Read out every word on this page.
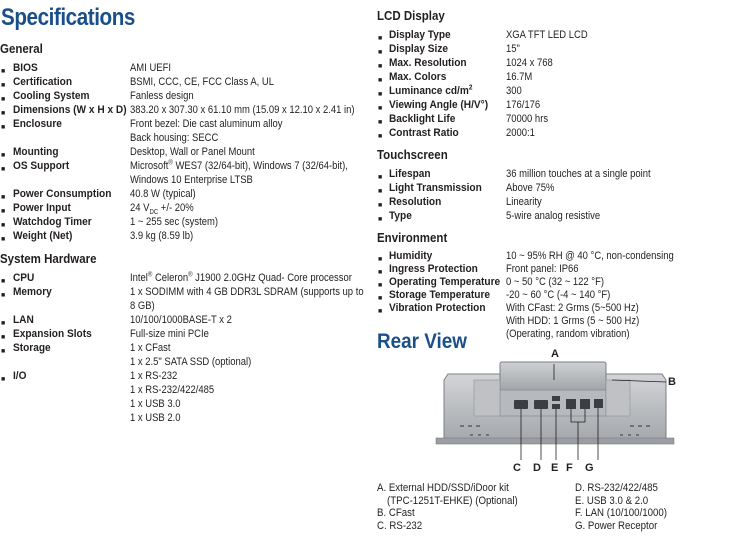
Specifications
General
■ BIOS	AMI UEFI
■ Certification	BSMI, CCC, CE, FCC Class A, UL
■ Cooling System	Fanless design
■ Dimensions (W x H x D) 383.20 x 307.30 x 61.10 mm (15.09 x 12.10 x 2.41 in)
■ Enclosure	Front bezel: Die cast aluminum alloy
Back housing: SECC
■ Mounting	Desktop, Wall or Panel Mount
■ OS Support	Microsoft® WES7 (32/64-bit), Windows 7 (32/64-bit),
Windows 10 Enterprise LTSB
■ Power Consumption 40.8 W (typical)
■ Power Input	24 $V_{DC}$ +/- 20%
■ Watchdog Timer	1 ~ 255 sec (system)
■ Weight (Net)	3.9 kg (8.59 lb)
System Hardware
■ CPU	Intel® Celeron® J1900 2.0GHz Quad- Core processor
■ Memory	1 x SODIMM with 4 GB DDR3L SDRAM (supports up to
8 GB)
■ LAN	10/100/1000BASE-T x 2
■ Expansion Slots	Full-size mini PCIe
■ Storage	1 x CFast
1 x 2.5" SATA SSD (optional)
■ I/O	1 x RS-232
1 x RS-232/422/485
1 x USB 3.0
1 x USB 2.0
LCD Display
■ Display Type	XGA TFT LED LCD
■ Display Size	15"
■ Max. Resolution	1024 x 768
■ Max. Colors	16.7M
■ Luminance $cd/m^2$	300
■ Viewing Angle (H/V°) 176/176
■ Backlight Life	70000 hrs
■ Contrast Ratio	2000:1
Touchscreen
■ Lifespan	36 million touches at a single point
■ Light Transmission Above 75%
■ Resolution	Linearity
■ Type	5-wire analog resistive
Environment
■ Humidity	10 ~ 95% RH @ 40 °C, non-condensing
■ Ingress Protection	Front panel: IP66
■ Operating Temperature 0 ~ 50 °C (32 ~ 122 °F)
■ Storage Temperature -20 ~ 60 °C (-4 ~ 140 °F)
■ Vibration Protection With CFast: 2 Grms (5~500 Hz)
With HDD: 1 Grms (5 ~ 500 Hz)
(Operating, random vibration)
Rear View
A
B
C D E F G
A. External HDD/SSD/iDoor kit
(TPC-1251T-EHKE) (Optional)
B. CFast
C. RS-232
D. RS-232/422/485
E. USB 3.0 & 2.0
F. LAN (10/100/1000)
G. Power Receptor
